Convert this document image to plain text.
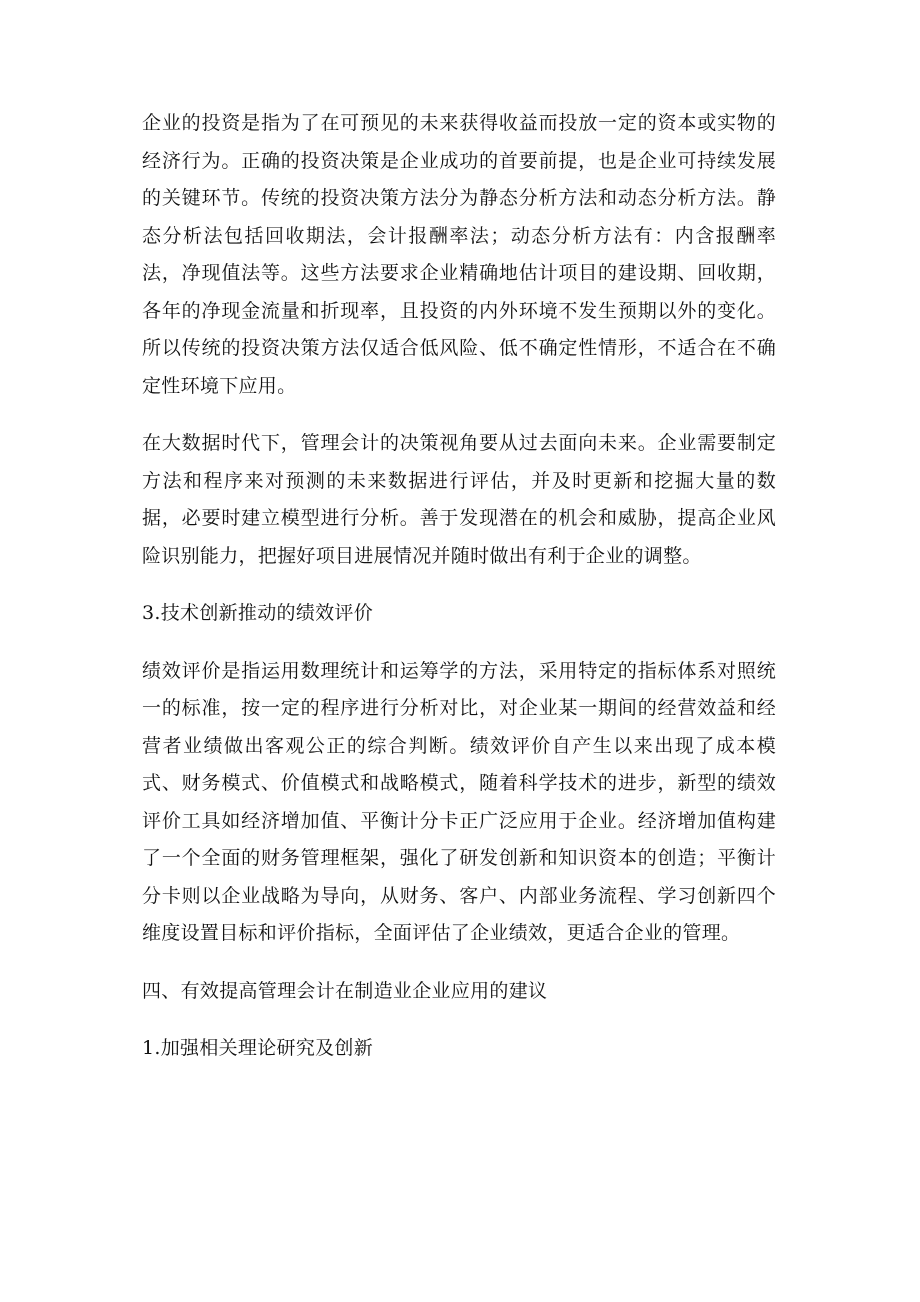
企业的投资是指为了在可预见的未来获得收益而投放一定的资本或实物的经济行为。正确的投资决策是企业成功的首要前提，也是企业可持续发展的关键环节。传统的投资决策方法分为静态分析方法和动态分析方法。静态分析法包括回收期法，会计报酬率法；动态分析方法有：内含报酬率法，净现值法等。这些方法要求企业精确地估计项目的建设期、回收期，各年的净现金流量和折现率，且投资的内外环境不发生预期以外的变化。所以传统的投资决策方法仅适合低风险、低不确定性情形，不适合在不确定性环境下应用。

在大数据时代下，管理会计的决策视角要从过去面向未来。企业需要制定方法和程序来对预测的未来数据进行评估，并及时更新和挖掘大量的数据，必要时建立模型进行分析。善于发现潜在的机会和威胁，提高企业风险识别能力，把握好项目进展情况并随时做出有利于企业的调整。

3.技术创新推动的绩效评价

绩效评价是指运用数理统计和运筹学的方法，采用特定的指标体系对照统一的标准，按一定的程序进行分析对比，对企业某一期间的经营效益和经营者业绩做出客观公正的综合判断。绩效评价自产生以来出现了成本模式、财务模式、价值模式和战略模式，随着科学技术的进步，新型的绩效评价工具如经济增加值、平衡计分卡正广泛应用于企业。经济增加值构建了一个全面的财务管理框架，强化了研发创新和知识资本的创造；平衡计分卡则以企业战略为导向，从财务、客户、内部业务流程、学习创新四个维度设置目标和评价指标，全面评估了企业绩效，更适合企业的管理。

四、有效提高管理会计在制造业企业应用的建议

1.加强相关理论研究及创新
